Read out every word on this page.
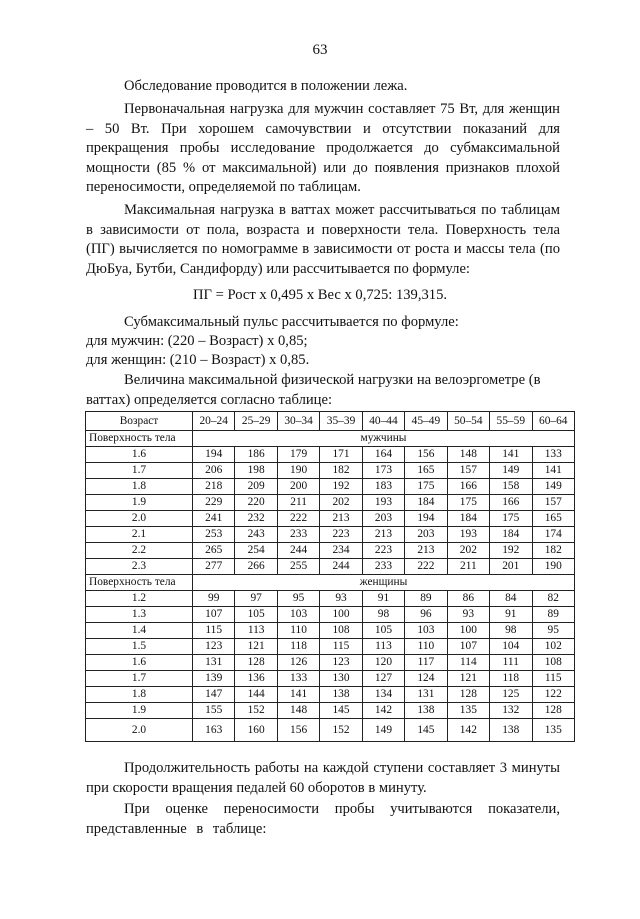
63

Обследование проводится в положении лежа.

Первоначальная нагрузка для мужчин составляет 75 Вт, для женщин – 50 Вт. При хорошем самочувствии и отсутствии показаний для прекращения пробы исследование продолжается до субмаксимальной мощности (85 % от максимальной) или до появления признаков плохой переносимости, определяемой по таблицам.

Максимальная нагрузка в ваттах может рассчитываться по таблицам в зависимости от пола, возраста и поверхности тела. Поверхность тела (ПГ) вычисляется по номограмме в зависимости от роста и массы тела (по ДюБуа, Бутби, Сандифорду) или рассчитывается по формуле:

ПГ = Рост х 0,495 х Вес х 0,725: 139,315.

Субмаксимальный пульс рассчитывается по формуле:

для мужчин: (220 – Возраст) х 0,85;

для женщин: (210 – Возраст) х 0,85.

Величина максимальной физической нагрузки на велоэргометре (в ваттах) определяется согласно таблице:

Возраст	20–24	25–29	30–34	35–39	40–44	45–49	50–54	55–59	60–64
Поверхность тела	мужчины								
1.6	194	186	179	171	164	156	148	141	133
1.7	206	198	190	182	173	165	157	149	141
1.8	218	209	200	192	183	175	166	158	149
1.9	229	220	211	202	193	184	175	166	157
2.0	241	232	222	213	203	194	184	175	165
2.1	253	243	233	223	213	203	193	184	174
2.2	265	254	244	234	223	213	202	192	182
2.3	277	266	255	244	233	222	211	201	190
Поверхность тела	женщины								
1.2	99	97	95	93	91	89	86	84	82
1.3	107	105	103	100	98	96	93	91	89
1.4	115	113	110	108	105	103	100	98	95
1.5	123	121	118	115	113	110	107	104	102
1.6	131	128	126	123	120	117	114	111	108
1.7	139	136	133	130	127	124	121	118	115
1.8	147	144	141	138	134	131	128	125	122
1.9	155	152	148	145	142	138	135	132	128
2.0	163	160	156	152	149	145	142	138	135

Продолжительность работы на каждой ступени составляет 3 минуты при скорости вращения педалей 60 оборотов в минуту.

При оценке переносимости пробы учитываются показатели, представленные в таблице:
